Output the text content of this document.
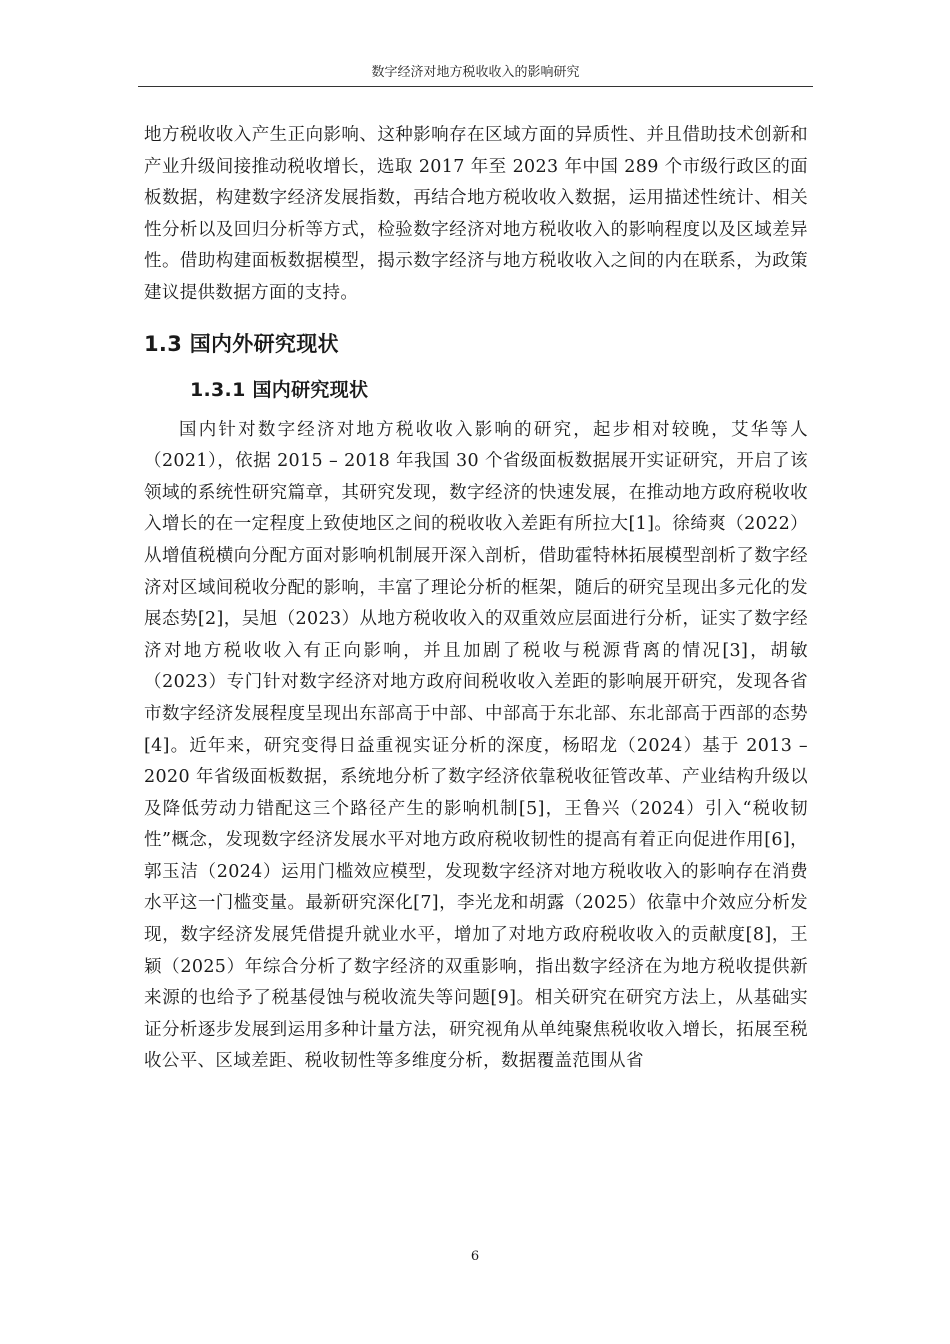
数字经济对地方税收收入的影响研究

地方税收收入产生正向影响、这种影响存在区域方面的异质性、并且借助技术创新和产业升级间接推动税收增长，选取 2017 年至 2023 年中国 289 个市级行政区的面板数据，构建数字经济发展指数，再结合地方税收收入数据，运用描述性统计、相关性分析以及回归分析等方式，检验数字经济对地方税收收入的影响程度以及区域差异性。借助构建面板数据模型，揭示数字经济与地方税收收入之间的内在联系，为政策建议提供数据方面的支持。

1.3 国内外研究现状
1.3.1 国内研究现状

国内针对数字经济对地方税收收入影响的研究，起步相对较晚，艾华等人（2021），依据 2015 – 2018 年我国 30 个省级面板数据展开实证研究，开启了该领域的系统性研究篇章，其研究发现，数字经济的快速发展，在推动地方政府税收收入增长的在一定程度上致使地区之间的税收收入差距有所拉大[1]。徐绮爽（2022）从增值税横向分配方面对影响机制展开深入剖析，借助霍特林拓展模型剖析了数字经济对区域间税收分配的影响，丰富了理论分析的框架，随后的研究呈现出多元化的发展态势[2]，吴旭（2023）从地方税收收入的双重效应层面进行分析，证实了数字经济对地方税收收入有正向影响，并且加剧了税收与税源背离的情况[3]，胡敏（2023）专门针对数字经济对地方政府间税收收入差距的影响展开研究，发现各省市数字经济发展程度呈现出东部高于中部、中部高于东北部、东北部高于西部的态势[4]。近年来，研究变得日益重视实证分析的深度，杨昭龙（2024）基于 2013 – 2020 年省级面板数据，系统地分析了数字经济依靠税收征管改革、产业结构升级以及降低劳动力错配这三个路径产生的影响机制[5]，王鲁兴（2024）引入“税收韧性”概念，发现数字经济发展水平对地方政府税收韧性的提高有着正向促进作用[6]，郭玉洁（2024）运用门槛效应模型，发现数字经济对地方税收收入的影响存在消费水平这一门槛变量。最新研究深化[7]，李光龙和胡露（2025）依靠中介效应分析发现，数字经济发展凭借提升就业水平，增加了对地方政府税收收入的贡献度[8]，王颖（2025）年综合分析了数字经济的双重影响，指出数字经济在为地方税收提供新来源的也给予了税基侵蚀与税收流失等问题[9]。相关研究在研究方法上，从基础实证分析逐步发展到运用多种计量方法，研究视角从单纯聚焦税收收入增长，拓展至税收公平、区域差距、税收韧性等多维度分析，数据覆盖范围从省

6
